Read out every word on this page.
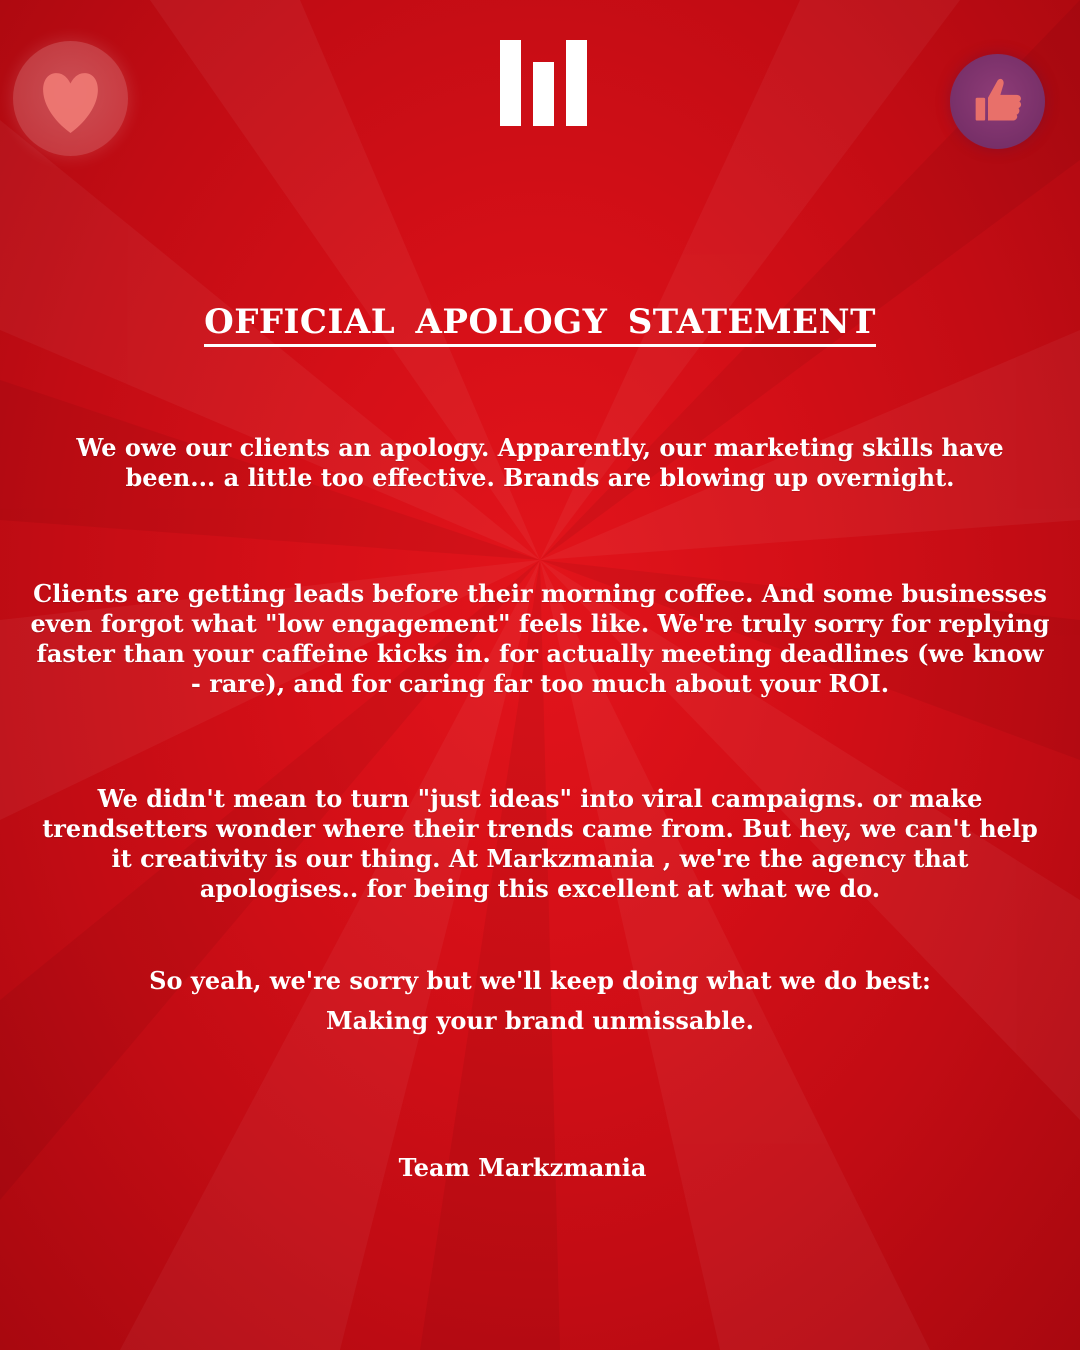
OFFICIAL APOLOGY STATEMENT
We owe our clients an apology. Apparently, our marketing skills have been... a little too effective. Brands are blowing up overnight.
Clients are getting leads before their morning coffee. And some businesses even forgot what "low engagement" feels like. We're truly sorry for replying faster than your caffeine kicks in. for actually meeting deadlines (we know - rare), and for caring far too much about your ROI.
We didn't mean to turn "just ideas" into viral campaigns. or make trendsetters wonder where their trends came from. But hey, we can't help it creativity is our thing. At Markzmania , we're the agency that apologises.. for being this excellent at what we do.
So yeah, we're sorry but we'll keep doing what we do best:
Making your brand unmissable.
Team Markzmania
